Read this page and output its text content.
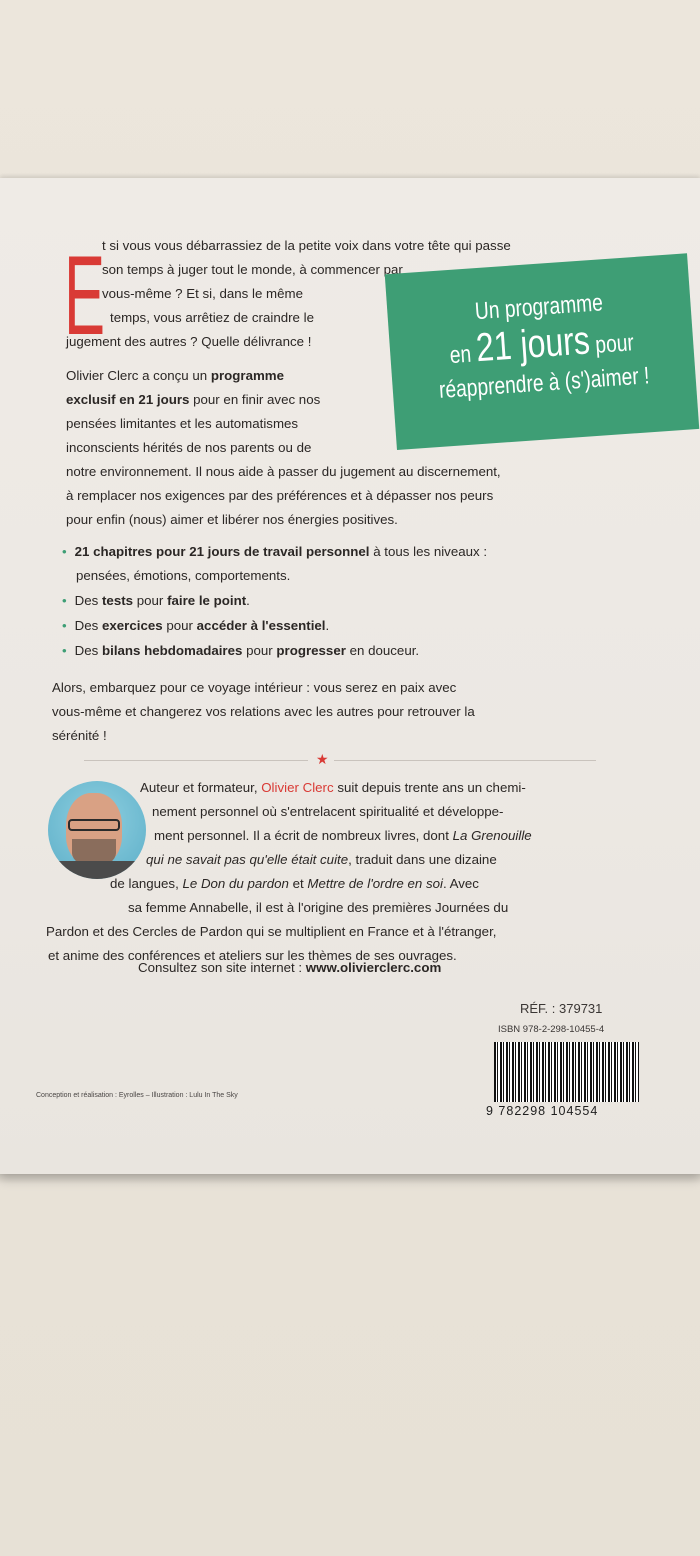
E
t si vous vous débarrassiez de la petite voix dans votre tête qui passe
son temps à juger tout le monde, à commencer par
vous-même ? Et si, dans le même
temps, vous arrêtiez de craindre le
jugement des autres ? Quelle délivrance !
Un programme
en 21 jours pour
réapprendre à (s')aimer !
Olivier Clerc a conçu un programme
exclusif en 21 jours pour en finir avec nos
pensées limitantes et les automatismes
inconscients hérités de nos parents ou de
notre environnement. Il nous aide à passer du jugement au discernement,
à remplacer nos exigences par des préférences et à dépasser nos peurs
pour enfin (nous) aimer et libérer nos énergies positives.
• 21 chapitres pour 21 jours de travail personnel à tous les niveaux :
pensées, émotions, comportements.
• Des tests pour faire le point.
• Des exercices pour accéder à l'essentiel.
• Des bilans hebdomadaires pour progresser en douceur.
Alors, embarquez pour ce voyage intérieur : vous serez en paix avec
vous-même et changerez vos relations avec les autres pour retrouver la
sérénité !
★
Auteur et formateur, Olivier Clerc suit depuis trente ans un chemi-
nement personnel où s'entrelacent spiritualité et développe-
ment personnel. Il a écrit de nombreux livres, dont La Grenouille
qui ne savait pas qu'elle était cuite, traduit dans une dizaine
de langues, Le Don du pardon et Mettre de l'ordre en soi. Avec
sa femme Annabelle, il est à l'origine des premières Journées du
Pardon et des Cercles de Pardon qui se multiplient en France et à l'étranger,
et anime des conférences et ateliers sur les thèmes de ses ouvrages.
Consultez son site internet : www.olivierclerc.com
RÉF. : 379731
ISBN 978-2-298-10455-4
9 782298 104554
Conception et réalisation : Eyrolles – Illustration : Lulu In The Sky
